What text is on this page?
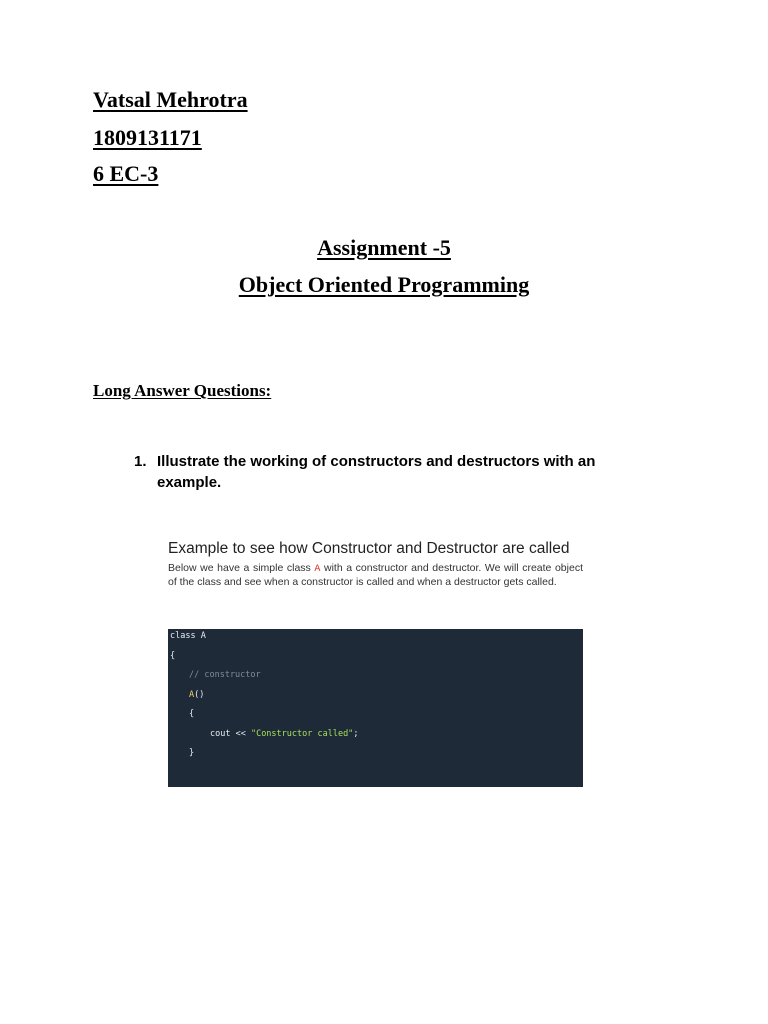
Vatsal Mehrotra
1809131171
6 EC-3
Assignment -5
Object Oriented Programming
Long Answer Questions:
1. Illustrate the working of constructors and destructors with an example.
Example to see how Constructor and Destructor are called
Below we have a simple class A with a constructor and destructor. We will create object of the class and see when a constructor is called and when a destructor gets called.
class A
{
// constructor
A()
{
cout << "Constructor called";
}
